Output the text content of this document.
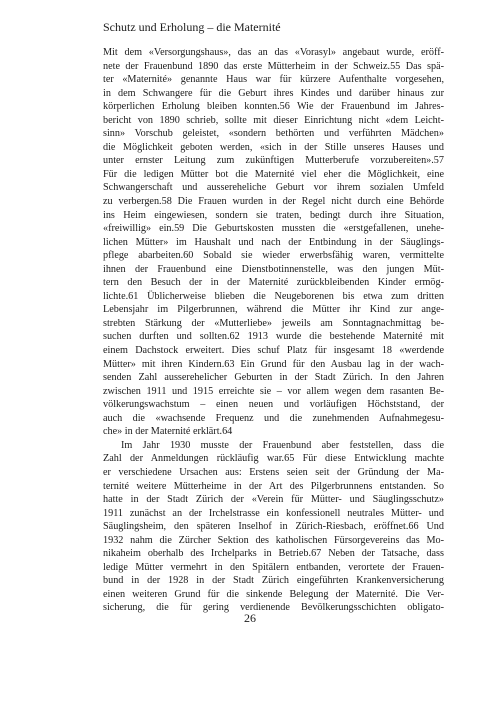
Schutz und Erholung – die Maternité
Mit dem «Versorgungshaus», das an das «Vorasyl» angebaut wurde, eröff-
nete der Frauenbund 1890 das erste Mütterheim in der Schweiz.55 Das spä-
ter «Maternité» genannte Haus war für kürzere Aufenthalte vorgesehen,
in dem Schwangere für die Geburt ihres Kindes und darüber hinaus zur
körperlichen Erholung bleiben konnten.56 Wie der Frauenbund im Jahres-
bericht von 1890 schrieb, sollte mit dieser Einrichtung nicht «dem Leicht-
sinn» Vorschub geleistet, «sondern bethörten und verführten Mädchen»
die Möglichkeit geboten werden, «sich in der Stille unseres Hauses und
unter ernster Leitung zum zukünftigen Mutterberufe vorzubereiten».57
Für die ledigen Mütter bot die Maternité viel eher die Möglichkeit, eine
Schwangerschaft und aussereheliche Geburt vor ihrem sozialen Umfeld
zu verbergen.58 Die Frauen wurden in der Regel nicht durch eine Behörde
ins Heim eingewiesen, sondern sie traten, bedingt durch ihre Situation,
«freiwillig» ein.59 Die Geburtskosten mussten die «erstgefallenen, unehe-
lichen Mütter» im Haushalt und nach der Entbindung in der Säuglings-
pflege abarbeiten.60 Sobald sie wieder erwerbsfähig waren, vermittelte
ihnen der Frauenbund eine Dienstbotinnenstelle, was den jungen Müt-
tern den Besuch der in der Maternité zurückbleibenden Kinder ermög-
lichte.61 Üblicherweise blieben die Neugeborenen bis etwa zum dritten
Lebensjahr im Pilgerbrunnen, während die Mütter ihr Kind zur ange-
strebten Stärkung der «Mutterliebe» jeweils am Sonntagnachmittag be-
suchen durften und sollten.62 1913 wurde die bestehende Maternité mit
einem Dachstock erweitert. Dies schuf Platz für insgesamt 18 «werdende
Mütter» mit ihren Kindern.63 Ein Grund für den Ausbau lag in der wach-
senden Zahl ausserehelicher Geburten in der Stadt Zürich. In den Jahren
zwischen 1911 und 1915 erreichte sie – vor allem wegen dem rasanten Be-
völkerungswachstum – einen neuen und vorläufigen Höchststand, der
auch die «wachsende Frequenz und die zunehmenden Aufnahmegesu-
che» in der Maternité erklärt.64
Im Jahr 1930 musste der Frauenbund aber feststellen, dass die
Zahl der Anmeldungen rückläufig war.65 Für diese Entwicklung machte
er verschiedene Ursachen aus: Erstens seien seit der Gründung der Ma-
ternité weitere Mütterheime in der Art des Pilgerbrunnens entstanden. So
hatte in der Stadt Zürich der «Verein für Mütter- und Säuglingsschutz»
1911 zunächst an der Irchelstrasse ein konfessionell neutrales Mütter- und
Säuglingsheim, den späteren Inselhof in Zürich-Riesbach, eröffnet.66 Und
1932 nahm die Zürcher Sektion des katholischen Fürsorgevereins das Mo-
nikaheim oberhalb des Irchelparks in Betrieb.67 Neben der Tatsache, dass
ledige Mütter vermehrt in den Spitälern entbanden, verortete der Frauen-
bund in der 1928 in der Stadt Zürich eingeführten Krankenversicherung
einen weiteren Grund für die sinkende Belegung der Maternité. Die Ver-
sicherung, die für gering verdienende Bevölkerungsschichten obligato-
26
